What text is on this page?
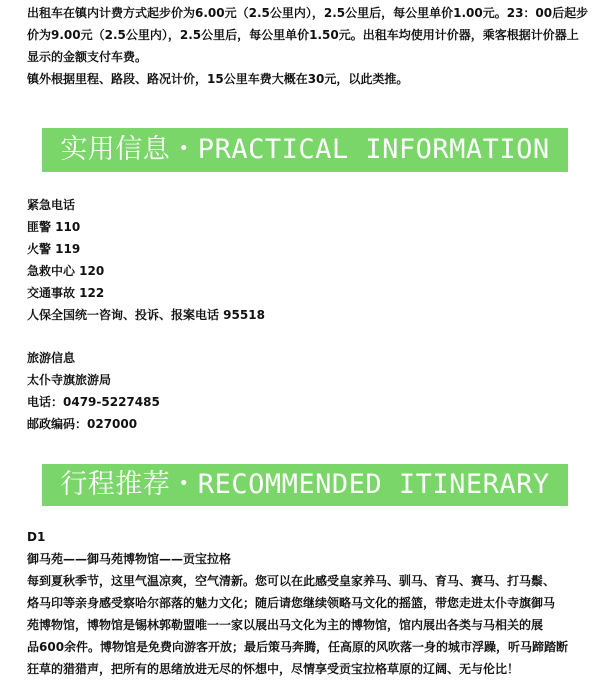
出租车在镇内计费方式起步价为6.00元（2.5公里内），2.5公里后，每公里单价1.00元。23：00后起步
价为9.00元（2.5公里内），2.5公里后，每公里单价1.50元。出租车均使用计价器，乘客根据计价器上
显示的金额支付车费。
镇外根据里程、路段、路况计价，15公里车费大概在30元，以此类推。
实用信息・PRACTICAL INFORMATION
紧急电话
匪警 110
火警 119
急救中心 120
交通事故 122
人保全国统一咨询、投诉、报案电话 95518
旅游信息
太仆寺旗旅游局
电话：0479-5227485
邮政编码：027000
行程推荐・RECOMMENDED ITINERARY
D1
御马苑——御马苑博物馆——贡宝拉格
每到夏秋季节，这里气温凉爽，空气清新。您可以在此感受皇家养马、驯马、育马、赛马、打马鬃、
烙马印等亲身感受察哈尔部落的魅力文化；随后请您继续领略马文化的摇篮，带您走进太仆寺旗御马
苑博物馆，博物馆是锡林郭勒盟唯一一家以展出马文化为主的博物馆，馆内展出各类与马相关的展
品600余件。博物馆是免费向游客开放；最后策马奔腾，任高原的风吹落一身的城市浮躁，听马蹄踏断
狂草的猎猎声，把所有的思绪放进无尽的怀想中，尽情享受贡宝拉格草原的辽阔、无与伦比！
